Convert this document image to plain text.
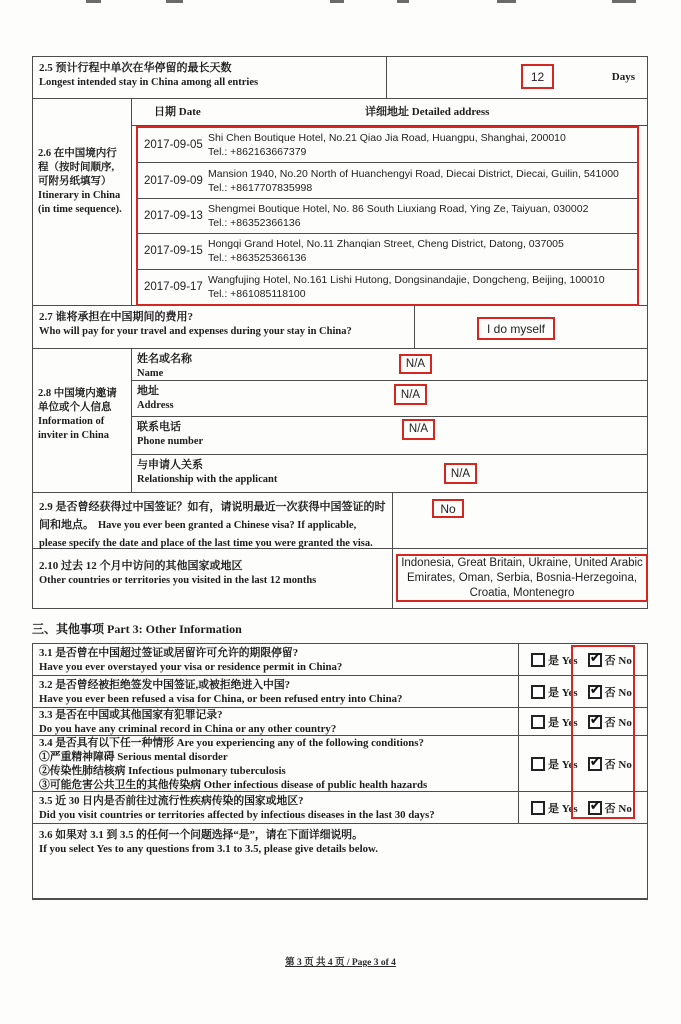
2.5 预计行程中单次在华停留的最长天数
Longest intended stay in China among all entries	12	Days
2.6 在中国境内行程（按时间顺序, 可附另纸填写） Itinerary in China (in time sequence).
日期 Date	详细地址 Detailed address
2017-09-05
Shi Chen Boutique Hotel, No.21 Qiao Jia Road, Huangpu, Shanghai, 200010
Tel.: +862163667379
2017-09-09
Mansion 1940, No.20 North of Huanchengyi Road, Diecai District, Diecai, Guilin, 541000
Tel.: +8617707835998
2017-09-13
Shengmei Boutique Hotel, No. 86 South Liuxiang Road, Ying Ze, Taiyuan, 030002
Tel.: +86352366136
2017-09-15
Hongqi Grand Hotel, No.11 Zhanqian Street, Cheng District, Datong, 037005
Tel.: +863525366136
2017-09-17
Wangfujing Hotel, No.161 Lishi Hutong, Dongsinandajie, Dongcheng, Beijing, 100010
Tel.: +861085118100
2.7 谁将承担在中国期间的费用?
Who will pay for your travel and expenses during your stay in China?	I do myself
2.8 中国境内邀请单位或个人信息 Information of inviter in China
姓名或名称
Name
N/A
地址
Address
N/A
联系电话
Phone number
N/A
与申请人关系
Relationship with the applicant	N/A
2.9 是否曾经获得过中国签证？如有，请说明最近一次获得中国签证的时间和地点。 Have you ever been granted a Chinese visa? If applicable, please specify the date and place of the last time you were granted the visa.
No
2.10 过去 12 个月中访问的其他国家或地区
Other countries or territories you visited in the last 12 months
Indonesia, Great Britain, Ukraine, United Arabic Emirates, Oman, Serbia, Bosnia-Herzegoina, Croatia, Montenegro
三、其他事项 Part 3: Other Information
3.1 是否曾在中国超过签证或居留许可允许的期限停留?
Have you ever overstayed your visa or residence permit in China?	是 Yes ✔ 否 No
3.2 是否曾经被拒绝签发中国签证,或被拒绝进入中国?
Have you ever been refused a visa for China, or been refused entry into China?	是 Yes ✔ 否 No
3.3 是否在中国或其他国家有犯罪记录?
Do you have any criminal record in China or any other country?	是 Yes ✔ 否 No
3.4 是否具有以下任一种情形 Are you experiencing any of the following conditions?
①严重精神障碍 Serious mental disorder
②传染性肺结核病 Infectious pulmonary tuberculosis
③可能危害公共卫生的其他传染病 Other infectious disease of public health hazards
是 Yes ✔ 否 No
3.5 近 30 日内是否前往过流行性疾病传染的国家或地区?
Did you visit countries or territories affected by infectious diseases in the last 30 days?	是 Yes ✔ 否 No
3.6 如果对 3.1 到 3.5 的任何一个问题选择“是”，请在下面详细说明。
If you select Yes to any questions from 3.1 to 3.5, please give details below.
第 3 页 共 4 页 / Page 3 of 4
